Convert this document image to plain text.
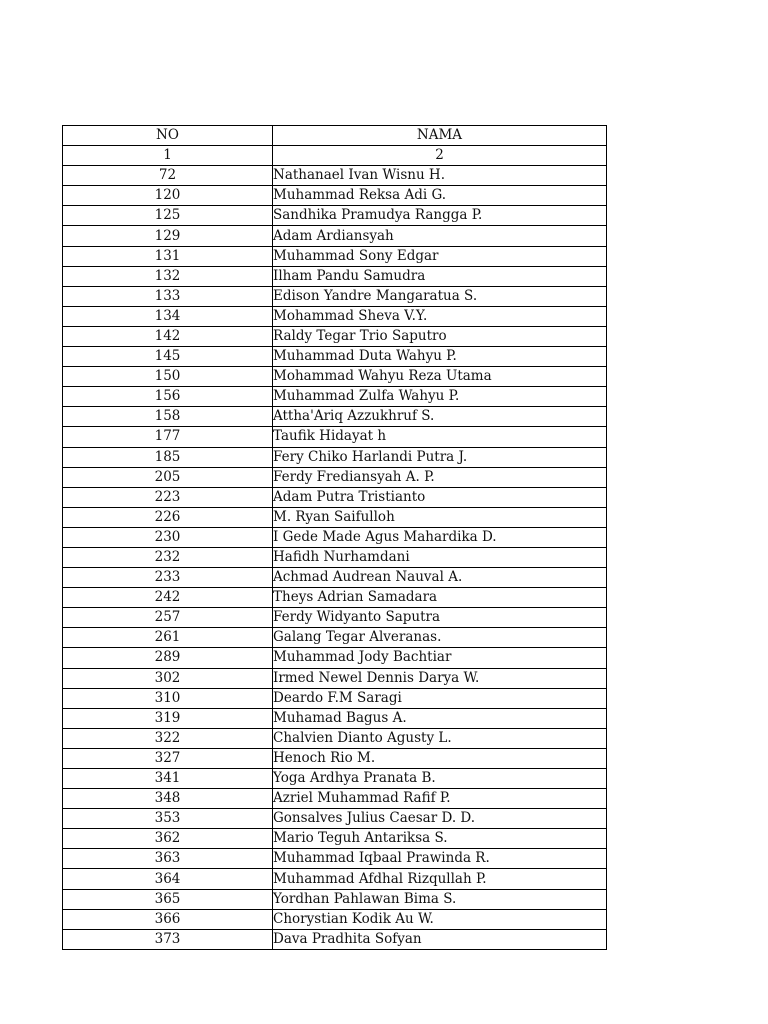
NO	NAMA
1	2
72	Nathanael Ivan Wisnu H.
120	Muhammad Reksa Adi G.
125	Sandhika Pramudya Rangga P.
129	Adam Ardiansyah
131	Muhammad Sony Edgar
132	Ilham Pandu Samudra
133	Edison Yandre Mangaratua S.
134	Mohammad Sheva V.Y.
142	Raldy Tegar Trio Saputro
145	Muhammad Duta Wahyu P.
150	Mohammad Wahyu Reza Utama
156	Muhammad Zulfa Wahyu P.
158	Attha'Ariq Azzukhruf S.
177	Taufik Hidayat h
185	Fery Chiko Harlandi Putra J.
205	Ferdy Frediansyah A. P.
223	Adam Putra Tristianto
226	M. Ryan Saifulloh
230	I Gede Made Agus Mahardika D.
232	Hafidh Nurhamdani
233	Achmad Audrean Nauval A.
242	Theys Adrian Samadara
257	Ferdy Widyanto Saputra
261	Galang Tegar Alveranas.
289	Muhammad Jody Bachtiar
302	Irmed Newel Dennis Darya W.
310	Deardo F.M Saragi
319	Muhamad Bagus A.
322	Chalvien Dianto Agusty L.
327	Henoch Rio M.
341	Yoga Ardhya Pranata B.
348	Azriel Muhammad Rafif P.
353	Gonsalves Julius Caesar D. D.
362	Mario Teguh Antariksa S.
363	Muhammad Iqbaal Prawinda R.
364	Muhammad Afdhal Rizqullah P.
365	Yordhan Pahlawan Bima S.
366	Chorystian Kodik Au W.
373	Dava Pradhita Sofyan
